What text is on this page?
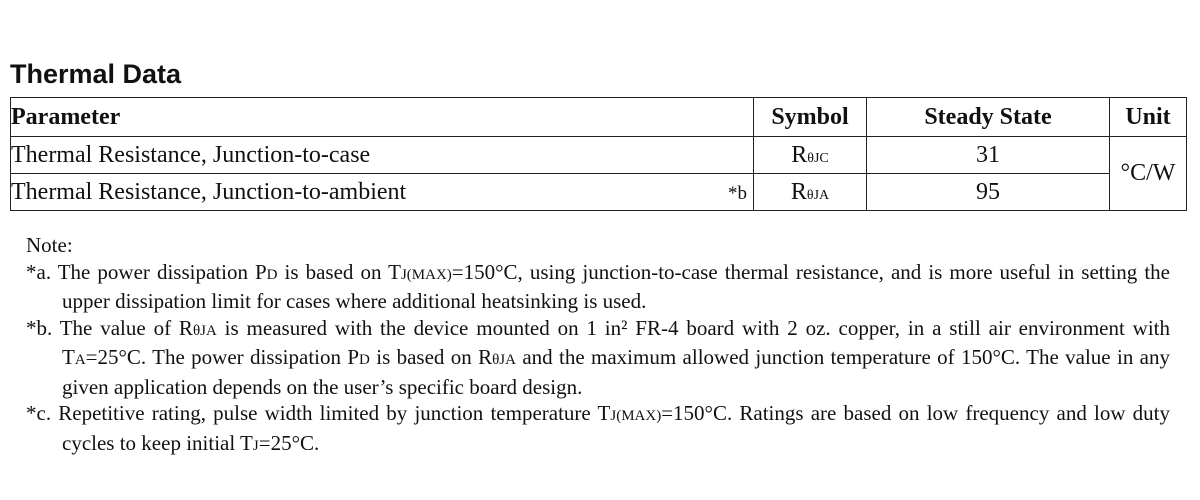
Thermal Data
Parameter	Symbol	Steady State	Unit
Thermal Resistance, Junction-to-case	RθJC	31	°C/W
Thermal Resistance, Junction-to-ambient *b	RθJA	95	

Note:

*a. The power dissipation PD is based on TJ(MAX)=150°C, using junction-to-case thermal resistance, and is more useful in setting the upper dissipation limit for cases where additional heatsinking is used.

*b. The value of RθJA is measured with the device mounted on 1 in² FR-4 board with 2 oz. copper, in a still air environment with TA=25°C. The power dissipation PD is based on RθJA and the maximum allowed junction temperature of 150°C. The value in any given application depends on the user’s specific board design.

*c. Repetitive rating, pulse width limited by junction temperature TJ(MAX)=150°C. Ratings are based on low frequency and low duty cycles to keep initial TJ=25°C.
